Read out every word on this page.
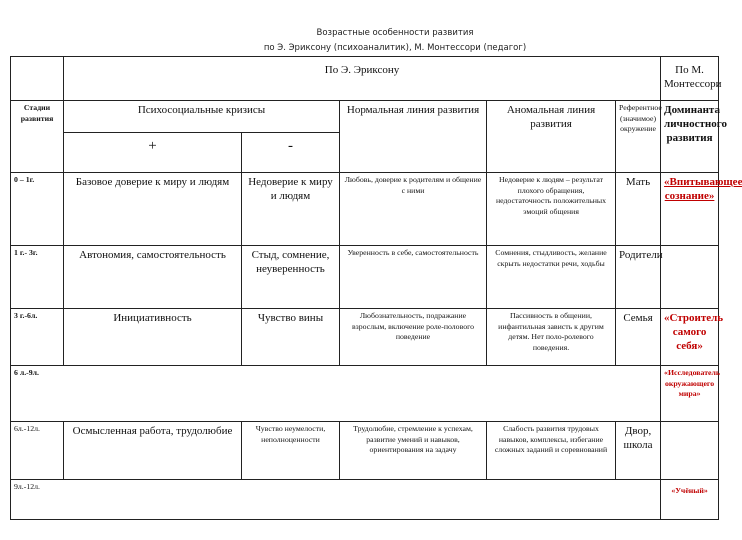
Возрастные особенности развития
по Э. Эриксону (психоаналитик), М. Монтессори (педагог)
	По Э. Эриксону					По М. Монтессори
Стадии развития	Психосоциальные кризисы		Нормальная линия развития	Аномальная линия развития	Референтное (значимое) окружение	Доминанта личностного развития
	+	-				
0 – 1г.	Базовое доверие к миру и людям	Недоверие к миру и людям	Любовь, доверие к родителям и общение с ними	Недоверие к людям – результат плохого обращения, недостаточность положительных эмоций общения	Мать	«Впитывающее сознание»
1 г.- 3г.	Автономия, самостоятельность	Стыд, сомнение, неуверенность	Уверенность в себе, самостоятельность	Сомнения, стыдливость, желание скрыть недостатки речи, ходьбы	Родители	
3 г.-6л.	Инициативность	Чувство вины	Любознательность, подражание взрослым, включение роле-полового поведение	Пассивность в общении, инфантильная зависть к другим детям. Нет поло-ролевого поведения.	Семья	«Строитель самого себя»
6 л.-9л.						«Исследователь окружающего мира»
6л.-12л.	Осмысленная работа, трудолюбие	Чувство неумелости, неполноценности	Трудолюбие, стремление к успехам, развитие умений и навыков, ориентирования на задачу	Слабость развития трудовых навыков, комплексы, избегание сложных заданий и соревнований	Двор, школа	
9л.-12л.						«Учёный»
